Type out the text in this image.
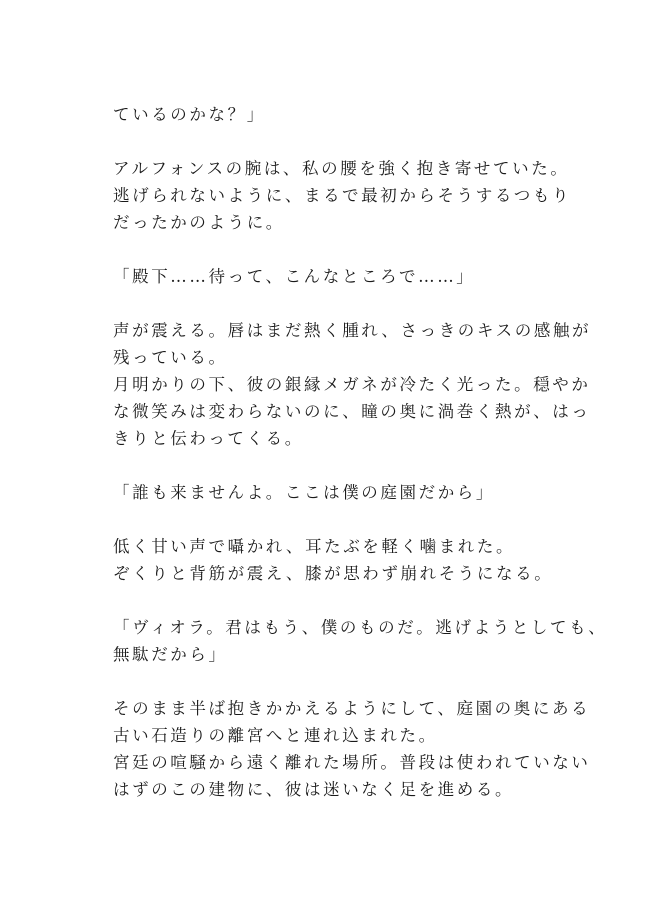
ているのかな？」
アルフォンスの腕は、私の腰を強く抱き寄せていた。
逃げられないように、まるで最初からそうするつもり
だったかのように。
「殿下……待って、こんなところで……」
声が震える。唇はまだ熱く腫れ、さっきのキスの感触が
残っている。
月明かりの下、彼の銀縁メガネが冷たく光った。穏やか
な微笑みは変わらないのに、瞳の奥に渦巻く熱が、はっ
きりと伝わってくる。
「誰も来ませんよ。ここは僕の庭園だから」
低く甘い声で囁かれ、耳たぶを軽く噛まれた。
ぞくりと背筋が震え、膝が思わず崩れそうになる。
「ヴィオラ。君はもう、僕のものだ。逃げようとしても、
無駄だから」
そのまま半ば抱きかかえるようにして、庭園の奥にある
古い石造りの離宮へと連れ込まれた。
宮廷の喧騒から遠く離れた場所。普段は使われていない
はずのこの建物に、彼は迷いなく足を進める。
